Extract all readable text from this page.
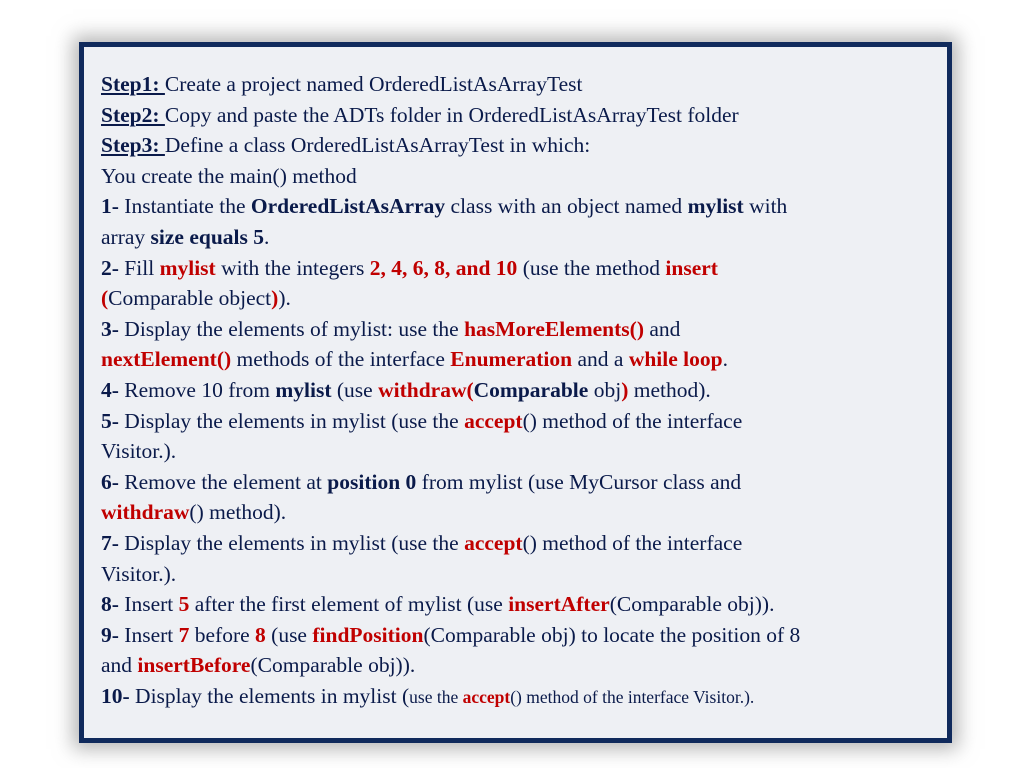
Step1: Create a project named OrderedListAsArrayTest
Step2: Copy and paste the ADTs folder in OrderedListAsArrayTest folder
Step3: Define a class OrderedListAsArrayTest in which:
You create the main() method
1- Instantiate the OrderedListAsArray class with an object named mylist with
array size equals 5.
2- Fill mylist with the integers 2, 4, 6, 8, and 10 (use the method insert
(Comparable object)).
3- Display the elements of mylist: use the hasMoreElements() and
nextElement() methods of the interface Enumeration and a while loop.
4- Remove 10 from mylist (use withdraw(Comparable obj) method).
5- Display the elements in mylist (use the accept() method of the interface
Visitor.).
6- Remove the element at position 0 from mylist (use MyCursor class and
withdraw() method).
7- Display the elements in mylist (use the accept() method of the interface
Visitor.).
8- Insert 5 after the first element of mylist (use insertAfter(Comparable obj)).
9- Insert 7 before 8 (use findPosition(Comparable obj) to locate the position of 8
and insertBefore(Comparable obj)).
10- Display the elements in mylist (use the accept() method of the interface Visitor.).
